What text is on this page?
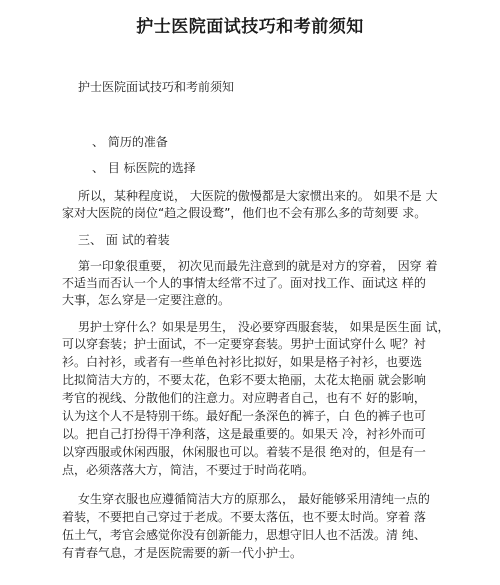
护士医院面试技巧和考前须知
护士医院面试技巧和考前须知
、 简历的准备
、 目 标医院的选择
所以，某种程度说， 大医院的傲慢都是大家惯出来的。 如果不是 大
家对大医院的岗位“趋之假设鹜”，他们也不会有那么多的苛刻要 求。
三、 面 试的着装
第一印象很重要， 初次见而最先注意到的就是对方的穿着， 因穿 着
不适当而否认一个人的事情太经常不过了。面对找工作、面试这 样的
大事，怎么穿是一定要注意的。
男护士穿什么？如果是男生， 没必要穿西服套装， 如果是医生面 试，
可以穿套装；护士面试，不一定要穿套装。男护士面试穿什么 呢？衬
衫。白衬衫，或者有一些单色衬衫比拟好，如果是格子衬衫，也要选
比拟简洁大方的，不要太花，色彩不要太艳丽，太花太艳丽 就会影响
考官的视线、分散他们的注意力。对应聘者自己，也有不 好的影响，
认为这个人不是特别干练。最好配一条深色的裤子，白 色的裤子也可
以。把自己打扮得干净利落，这是最重要的。如果天 冷，衬衫外而可
以穿西服或休闲西服，休闲服也可以。着装不是很 绝对的，但是有一
点，必须落落大方，简洁，不要过于时尚花哨。
女生穿衣服也应遵循简洁大方的原那么， 最好能够采用清纯一点的
着装，不要把自己穿过于老成。不要太落伍，也不要太时尚。穿着 落
伍土气，考官会感觉你没有创新能力，思想守旧人也不活泼。清 纯、
有青春气息，才是医院需要的新一代小护士。
